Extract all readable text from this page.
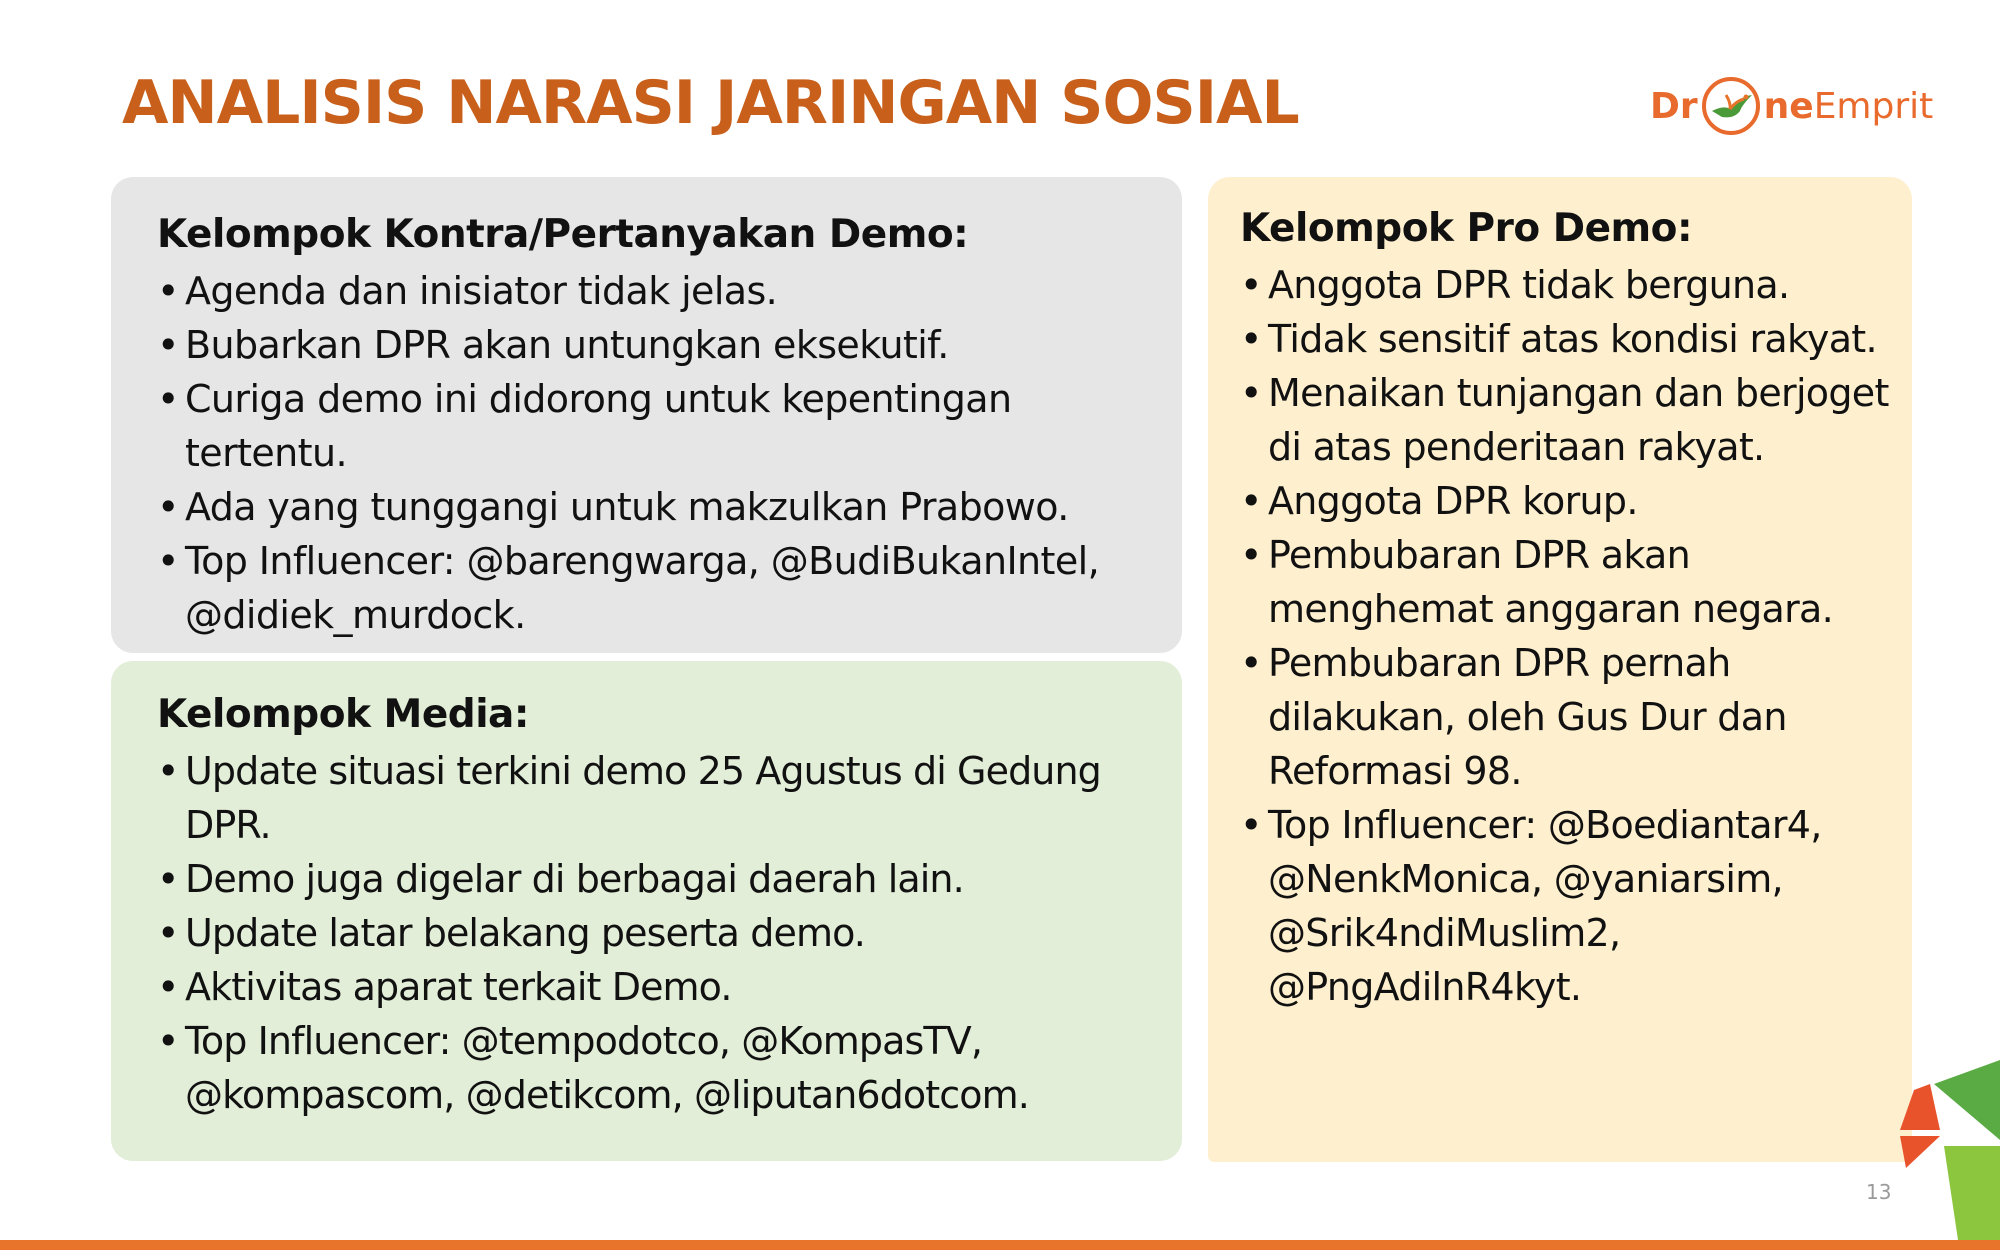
ANALISIS NARASI JARINGAN SOSIAL	Dr ne Emprit
Kelompok Kontra/Pertanyakan Demo:
• Agenda dan inisiator tidak jelas.
• Bubarkan DPR akan untungkan eksekutif.
• Curiga demo ini didorong untuk kepentingan tertentu.
• Ada yang tunggangi untuk makzulkan Prabowo.
• Top Influencer: @barengwarga, @BudiBukanIntel, @didiek_murdock.
Kelompok Media:
• Update situasi terkini demo 25 Agustus di Gedung DPR.
• Demo juga digelar di berbagai daerah lain.
• Update latar belakang peserta demo.
• Aktivitas aparat terkait Demo.
• Top Influencer: @tempodotco, @KompasTV, @kompascom, @detikcom, @liputan6dotcom.
Kelompok Pro Demo:
• Anggota DPR tidak berguna.
• Tidak sensitif atas kondisi rakyat.
• Menaikan tunjangan dan berjoget di atas penderitaan rakyat.
• Anggota DPR korup.
• Pembubaran DPR akan menghemat anggaran negara.
• Pembubaran DPR pernah dilakukan, oleh Gus Dur dan Reformasi 98.
• Top Influencer: @Boediantar4, @NenkMonica, @yaniarsim, @Srik4ndiMuslim2, @PngAdilnR4kyt.
13
